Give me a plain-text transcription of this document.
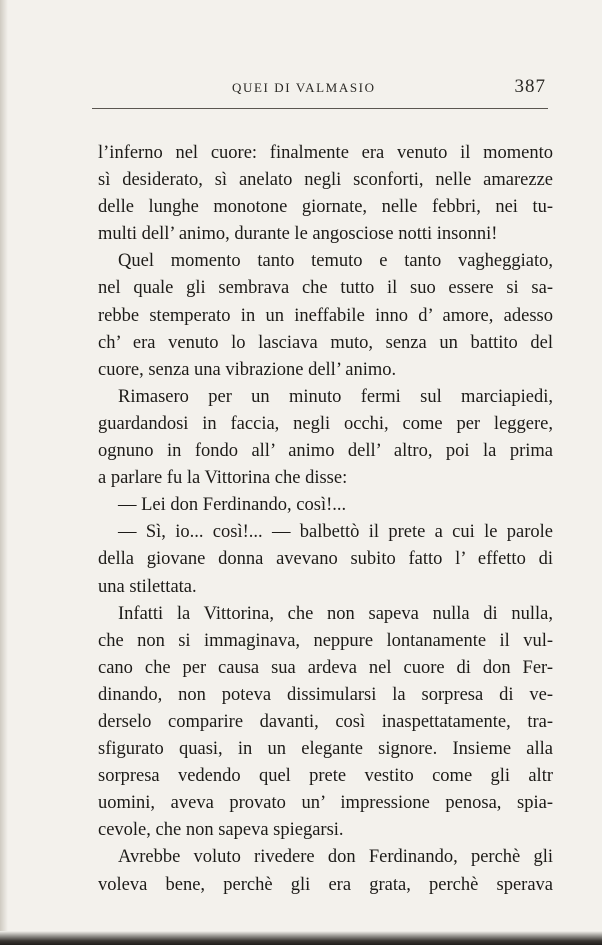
QUEI DI VALMASIO	387
l’inferno nel cuore: finalmente era venuto il momento
sì desiderato, sì anelato negli sconforti, nelle amarezze
delle lunghe monotone giornate, nelle febbri, nei tu-
multi dell’ animo, durante le angosciose notti insonni!
Quel momento tanto temuto e tanto vagheggiato,
nel quale gli sembrava che tutto il suo essere si sa-
rebbe stemperato in un ineffabile inno d’ amore, adesso
ch’ era venuto lo lasciava muto, senza un battito del
cuore, senza una vibrazione dell’ animo.
Rimasero per un minuto fermi sul marciapiedi,
guardandosi in faccia, negli occhi, come per leggere,
ognuno in fondo all’ animo dell’ altro, poi la prima
a parlare fu la Vittorina che disse:
— Lei don Ferdinando, così!...
— Sì, io... così!... — balbettò il prete a cui le parole
della giovane donna avevano subito fatto l’ effetto di
una stilettata.
Infatti la Vittorina, che non sapeva nulla di nulla,
che non si immaginava, neppure lontanamente il vul-
cano che per causa sua ardeva nel cuore di don Fer-
dinando, non poteva dissimularsi la sorpresa di ve-
derselo comparire davanti, così inaspettatamente, tra-
sfigurato quasi, in un elegante signore. Insieme alla
sorpresa vedendo quel prete vestito come gli altr
uomini, aveva provato un’ impressione penosa, spia-
cevole, che non sapeva spiegarsi.
Avrebbe voluto rivedere don Ferdinando, perchè gli
voleva bene, perchè gli era grata, perchè sperava
